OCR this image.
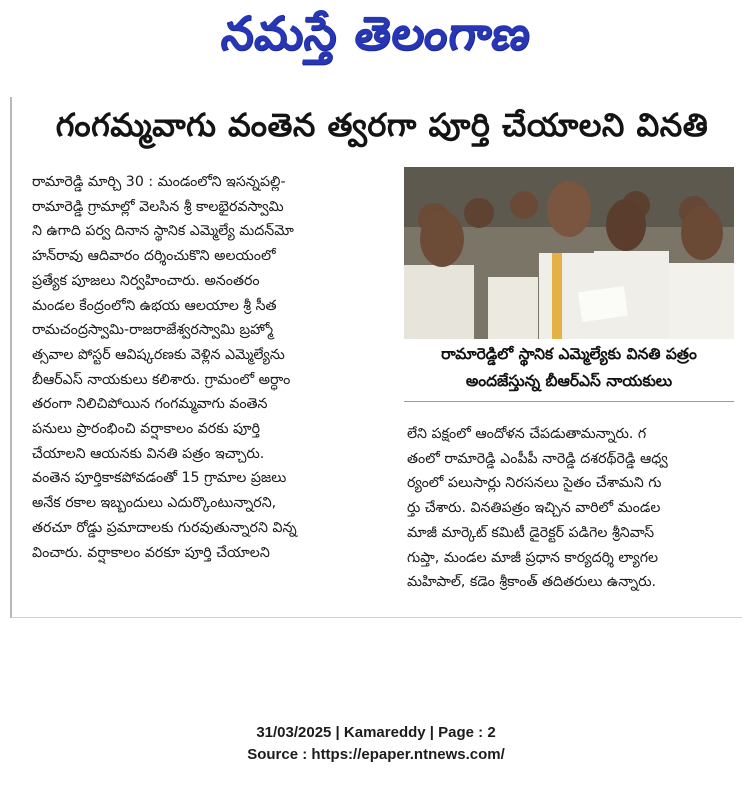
నమస్తే తెలంగాణ
గంగమ్మవాగు వంతెన త్వరగా పూర్తి చేయాలని వినతి
రామారెడ్డి మార్చి 30 : మండంలోని ఇసన్నపల్లి-
రామారెడ్డి గ్రామాల్లో వెలసిన శ్రీ కాలభైరవస్వామి
ని ఉగాది పర్వ దినాన స్థానిక ఎమ్మెల్యే మదన్‌మో
హన్‌రావు ఆదివారం దర్శించుకొని అలయంలో
ప్రత్యేక పూజలు నిర్వహించారు. అనంతరం
మండల కేంద్రంలోని ఉభయ ఆలయాల శ్రీ సీత
రామచంద్రస్వామి-రాజరాజేశ్వరస్వామి బ్రహ్మో
త్సవాల పోస్టర్ ఆవిష్కరణకు వెళ్లిన ఎమ్మెల్యేను
బీఆర్ఎస్ నాయకులు కలిశారు. గ్రామంలో అర్ధాం
తరంగా నిలిచిపోయిన గంగమ్మవాగు వంతెన
పనులు ప్రారంభించి వర్షాకాలం వరకు పూర్తి
చేయాలని ఆయనకు వినతి పత్రం ఇచ్చారు.
వంతెన పూర్తికాకపోవడంతో 15 గ్రామాల ప్రజలు
అనేక రకాల ఇబ్బందులు ఎదుర్కొంటున్నారని,
తరచూ రోడ్డు ప్రమాదాలకు గురవుతున్నారని విన్న
వించారు. వర్షాకాలం వరకూ పూర్తి చేయాలని
రామారెడ్డిలో స్థానిక ఎమ్మెల్యేకు వినతి పత్రం
అందజేస్తున్న బీఆర్ఎస్ నాయకులు
లేని పక్షంలో ఆందోళన చేపడుతామన్నారు. గ
తంలో రామారెడ్డి ఎంపీపీ నారెడ్డి దశరథ్‌రెడ్డి ఆధ్వ
ర్యంలో పలుసార్లు నిరసనలు సైతం చేశామని గు
ర్తు చేశారు. వినతిపత్రం ఇచ్చిన వారిలో మండల
మాజీ మార్కెట్ కమిటీ డైరెక్టర్ పడిగెల శ్రీనివాస్
గుప్తా, మండల మాజీ ప్రధాన కార్యదర్శి ల్యాగల
మహిపాల్, కడెం శ్రీకాంత్ తదితరులు ఉన్నారు.
31/03/2025 | Kamareddy | Page : 2
Source : https://epaper.ntnews.com/
